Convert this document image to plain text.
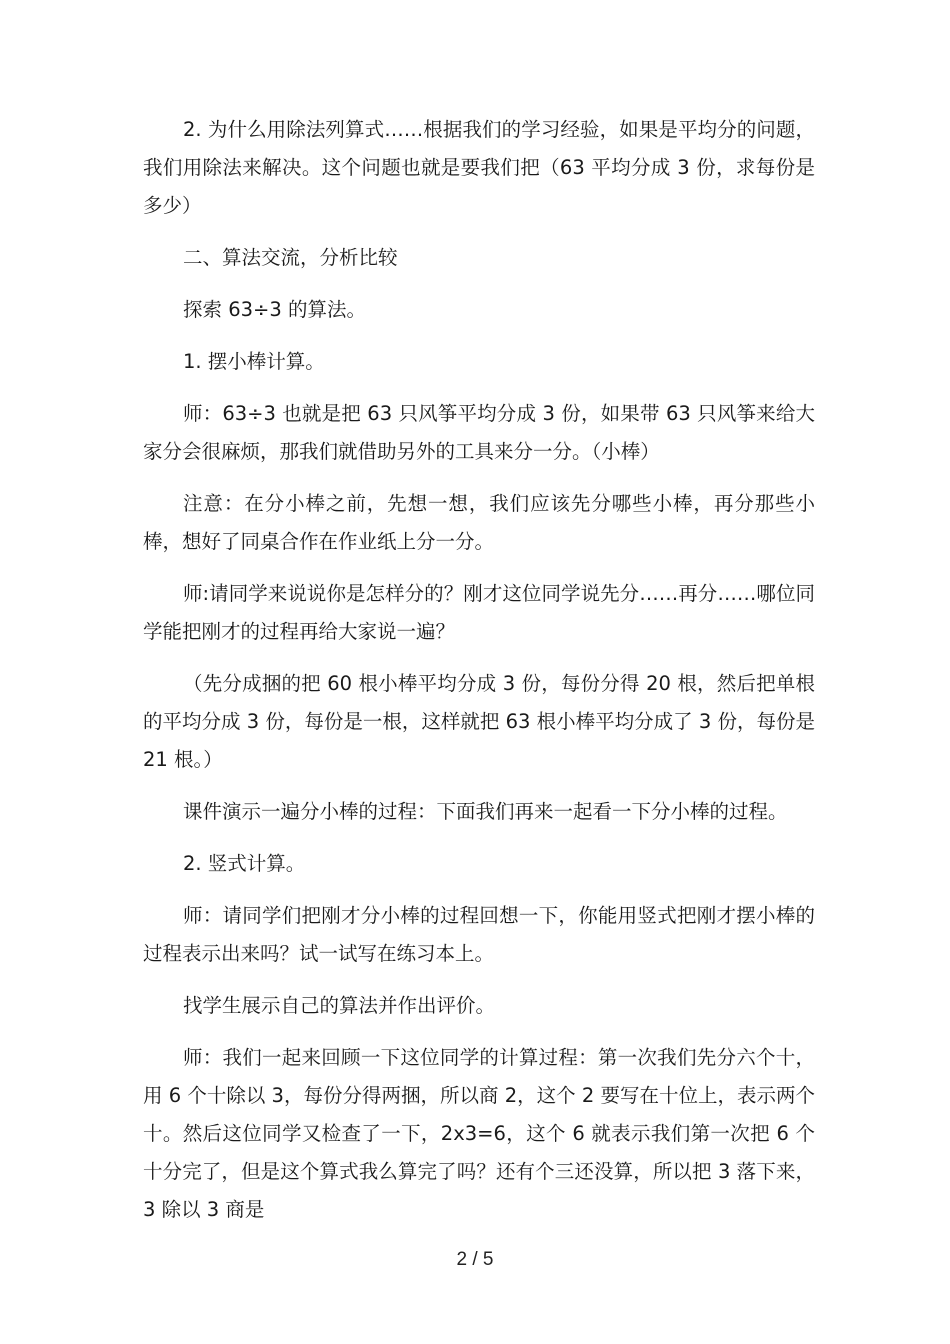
2. 为什么用除法列算式……根据我们的学习经验，如果是平均分的问题，我们用除法来解决。这个问题也就是要我们把（63 平均分成 3 份，求每份是多少）

二、算法交流，分析比较

探索 63÷3 的算法。

1. 摆小棒计算。

师：63÷3 也就是把 63 只风筝平均分成 3 份，如果带 63 只风筝来给大家分会很麻烦，那我们就借助另外的工具来分一分。（小棒）

注意：在分小棒之前，先想一想，我们应该先分哪些小棒，再分那些小棒，想好了同桌合作在作业纸上分一分。

师:请同学来说说你是怎样分的？刚才这位同学说先分……再分……哪位同学能把刚才的过程再给大家说一遍？

（先分成捆的把 60 根小棒平均分成 3 份，每份分得 20 根，然后把单根的平均分成 3 份，每份是一根，这样就把 63 根小棒平均分成了 3 份，每份是 21 根。）

课件演示一遍分小棒的过程：下面我们再来一起看一下分小棒的过程。

2. 竖式计算。

师：请同学们把刚才分小棒的过程回想一下，你能用竖式把刚才摆小棒的过程表示出来吗？试一试写在练习本上。

找学生展示自己的算法并作出评价。

师：我们一起来回顾一下这位同学的计算过程：第一次我们先分六个十，用 6 个十除以 3，每份分得两捆，所以商 2，这个 2 要写在十位上，表示两个十。然后这位同学又检查了一下，2x3=6，这个 6 就表示我们第一次把 6 个十分完了，但是这个算式我么算完了吗？还有个三还没算，所以把 3 落下来，3 除以 3 商是

2 / 5
